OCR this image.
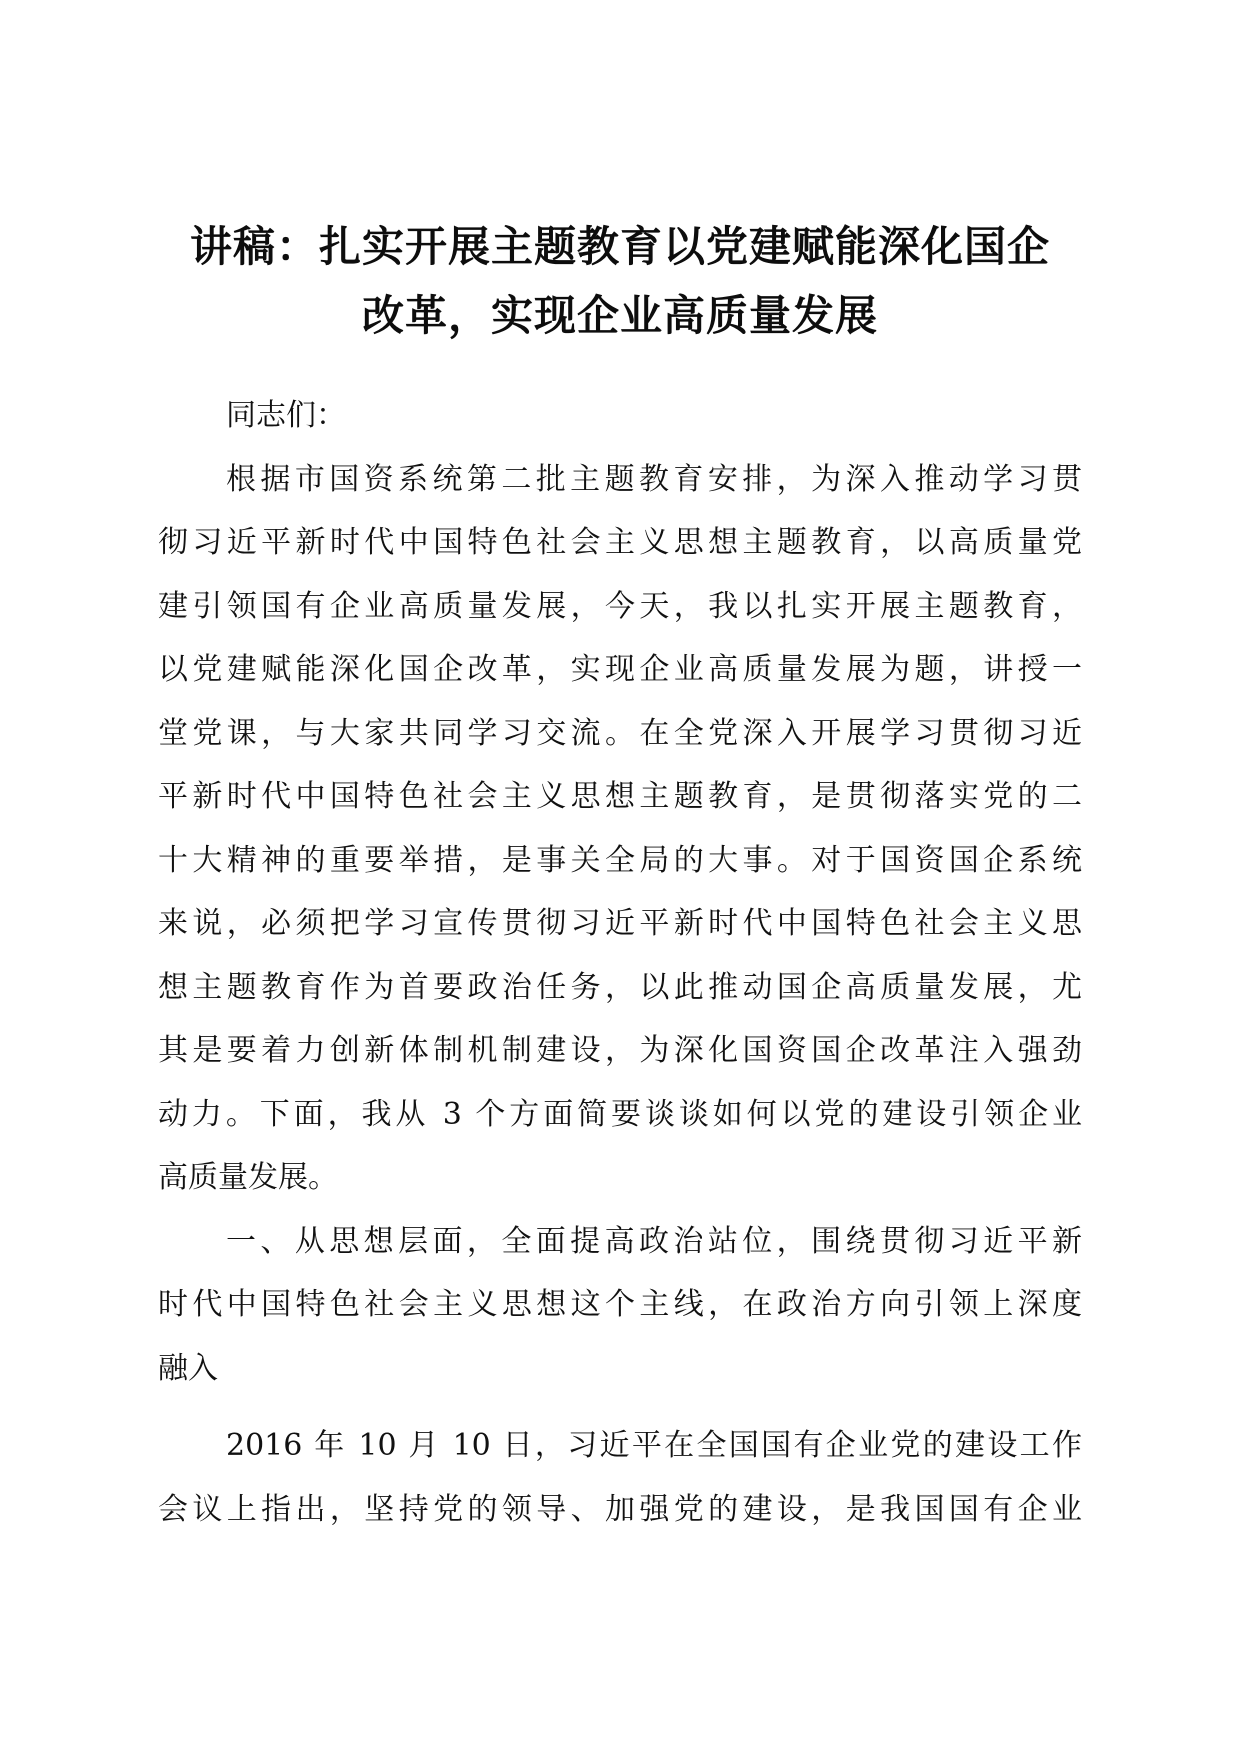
讲稿：扎实开展主题教育以党建赋能深化国企
改革，实现企业高质量发展
同志们：
根据市国资系统第二批主题教育安排，为深入推动学习贯
彻习近平新时代中国特色社会主义思想主题教育，以高质量党
建引领国有企业高质量发展，今天，我以扎实开展主题教育，
以党建赋能深化国企改革，实现企业高质量发展为题，讲授一
堂党课，与大家共同学习交流。在全党深入开展学习贯彻习近
平新时代中国特色社会主义思想主题教育，是贯彻落实党的二
十大精神的重要举措，是事关全局的大事。对于国资国企系统
来说，必须把学习宣传贯彻习近平新时代中国特色社会主义思
想主题教育作为首要政治任务，以此推动国企高质量发展，尤
其是要着力创新体制机制建设，为深化国资国企改革注入强劲
动力。下面，我从 3 个方面简要谈谈如何以党的建设引领企业
高质量发展。
一、从思想层面，全面提高政治站位，围绕贯彻习近平新
时代中国特色社会主义思想这个主线，在政治方向引领上深度
融入
2016 年 10 月 10 日，习近平在全国国有企业党的建设工作
会议上指出，坚持党的领导、加强党的建设，是我国国有企业
